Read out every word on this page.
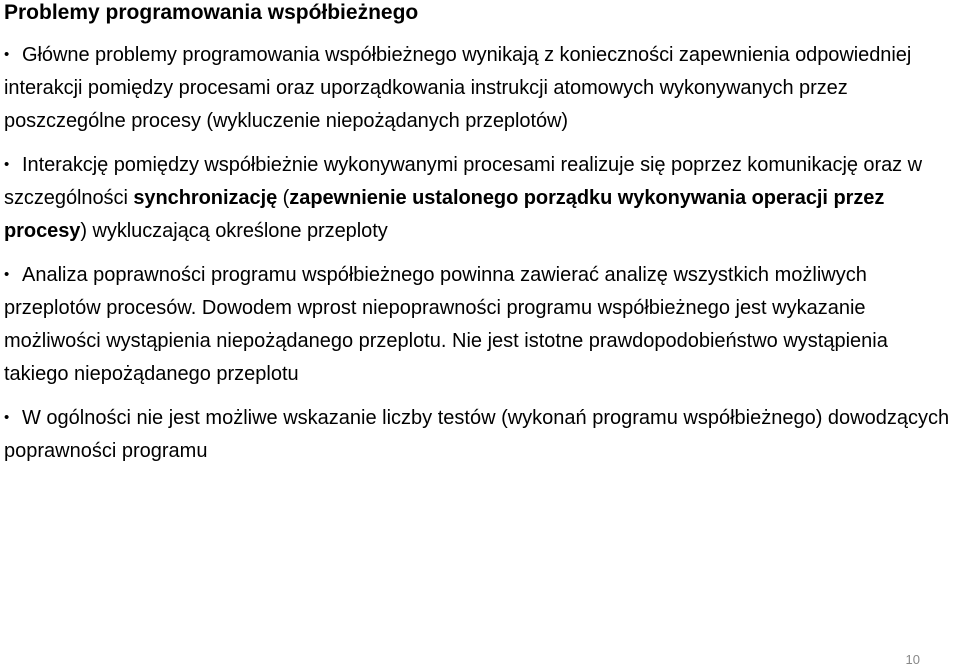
Problemy programowania współbieżnego
• Główne problemy programowania współbieżnego wynikają z konieczności zapewnienia odpowiedniej interakcji pomiędzy procesami oraz uporządkowania instrukcji atomowych wykonywanych przez poszczególne procesy (wykluczenie niepożądanych przeplotów)
• Interakcję pomiędzy współbieżnie wykonywanymi procesami realizuje się poprzez komunikację oraz w szczególności synchronizację (zapewnienie ustalonego porządku wykonywania operacji przez procesy) wykluczającą określone przeploty
• Analiza poprawności programu współbieżnego powinna zawierać analizę wszystkich możliwych przeplotów procesów. Dowodem wprost niepoprawności programu współbieżnego jest wykazanie możliwości wystąpienia niepożądanego przeplotu. Nie jest istotne prawdopodobieństwo wystąpienia takiego niepożądanego przeplotu
• W ogólności nie jest możliwe wskazanie liczby testów (wykonań programu współbieżnego) dowodzących poprawności programu
10
